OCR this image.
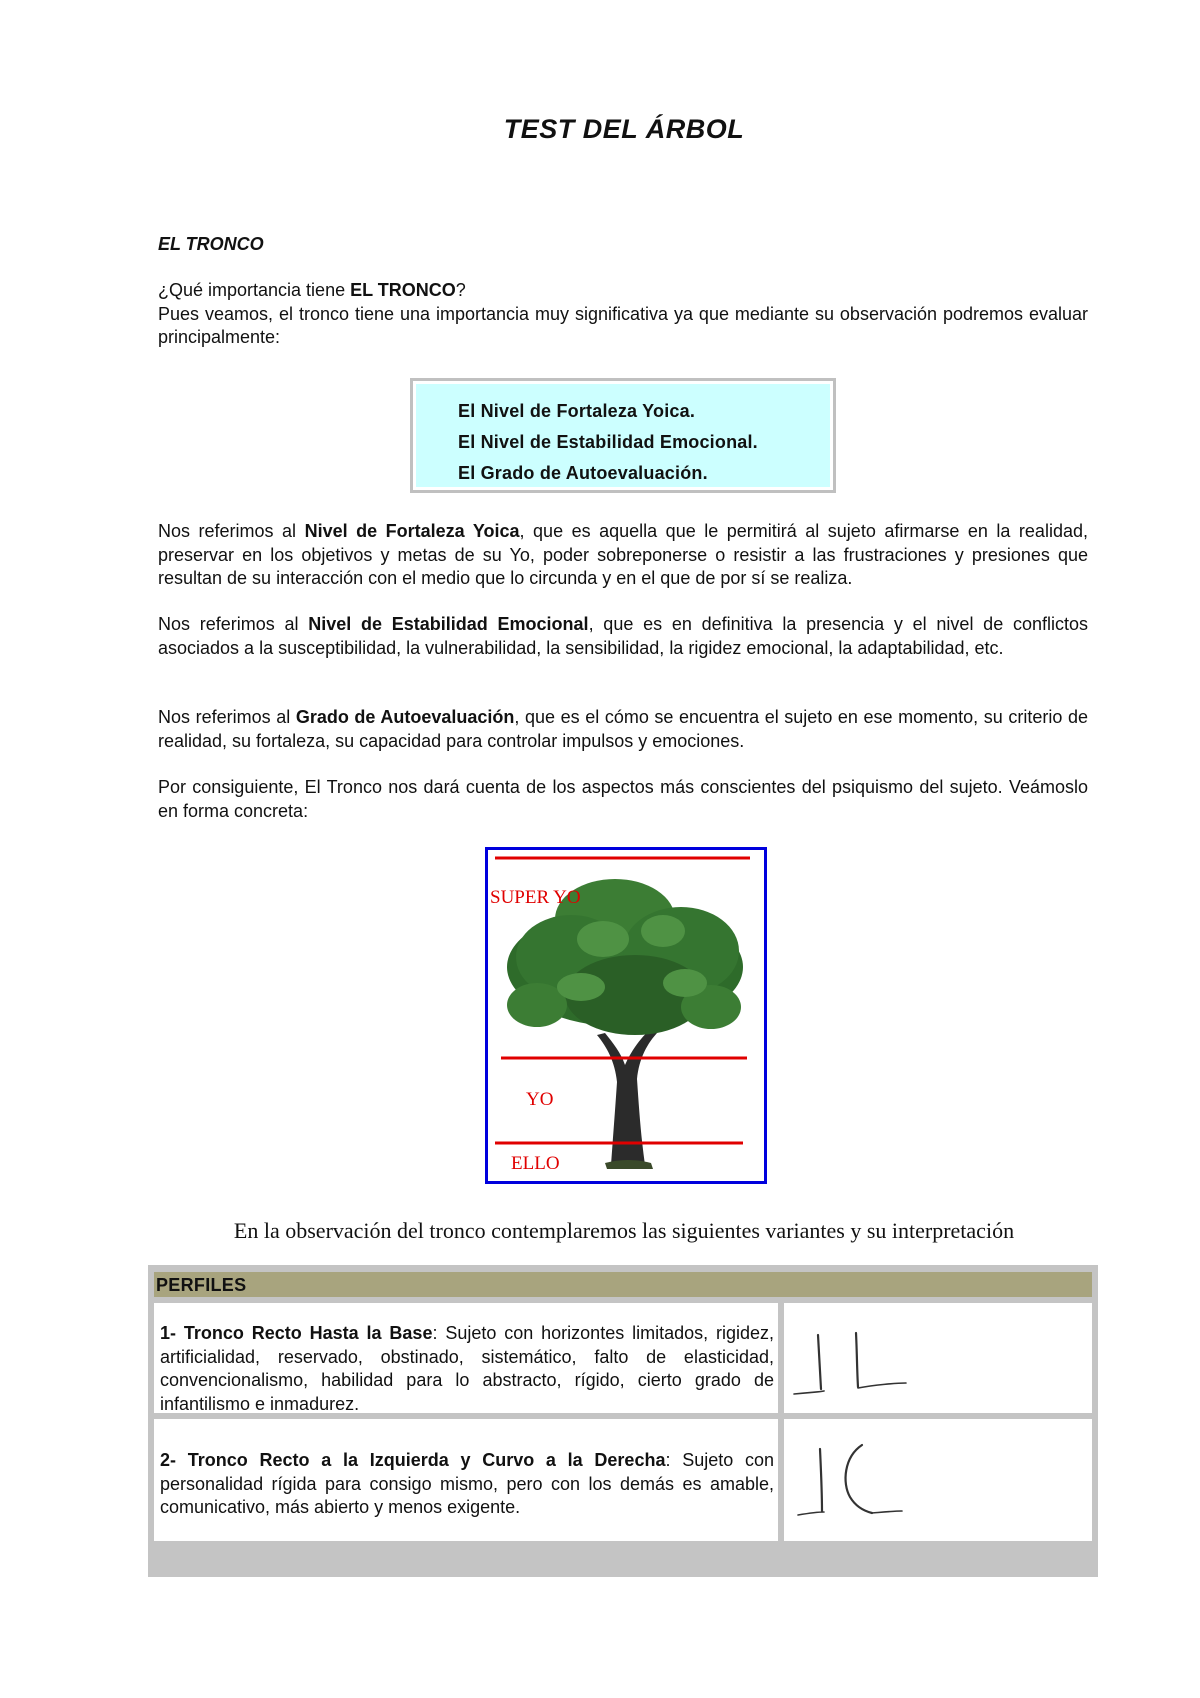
TEST DEL ÁRBOL
EL TRONCO
¿Qué importancia tiene EL TRONCO?
Pues veamos, el tronco tiene una importancia muy significativa ya que mediante su observación podremos evaluar principalmente:
El Nivel de Fortaleza Yoica.
El Nivel de Estabilidad Emocional.
El Grado de Autoevaluación.

Nos referimos al Nivel de Fortaleza Yoica, que es aquella que le permitirá al sujeto afirmarse en la realidad, preservar en los objetivos y metas de su Yo, poder sobreponerse o resistir a las frustraciones y presiones que resultan de su interacción con el medio que lo circunda y en el que de por sí se realiza.

Nos referimos al Nivel de Estabilidad Emocional, que es en definitiva la presencia y el nivel de conflictos asociados a la susceptibilidad, la vulnerabilidad, la sensibilidad, la rigidez emocional, la adaptabilidad, etc.

Nos referimos al Grado de Autoevaluación, que es el cómo se encuentra el sujeto en ese momento, su criterio de realidad, su fortaleza, su capacidad para controlar impulsos y emociones.

Por consiguiente, El Tronco nos dará cuenta de los aspectos más conscientes del psiquismo del sujeto. Veámoslo en forma concreta:

SUPER YO
YO
ELLO
En la observación del tronco contemplaremos las siguientes variantes y su interpretación
PERFILES
1- Tronco Recto Hasta la Base: Sujeto con horizontes limitados, rigidez, artificialidad, reservado, obstinado, sistemático, falto de elasticidad, convencionalismo, habilidad para lo abstracto, rígido, cierto grado de infantilismo e inmadurez.
2- Tronco Recto a la Izquierda y Curvo a la Derecha: Sujeto con personalidad rígida para consigo mismo, pero con los demás es amable, comunicativo, más abierto y menos exigente.
